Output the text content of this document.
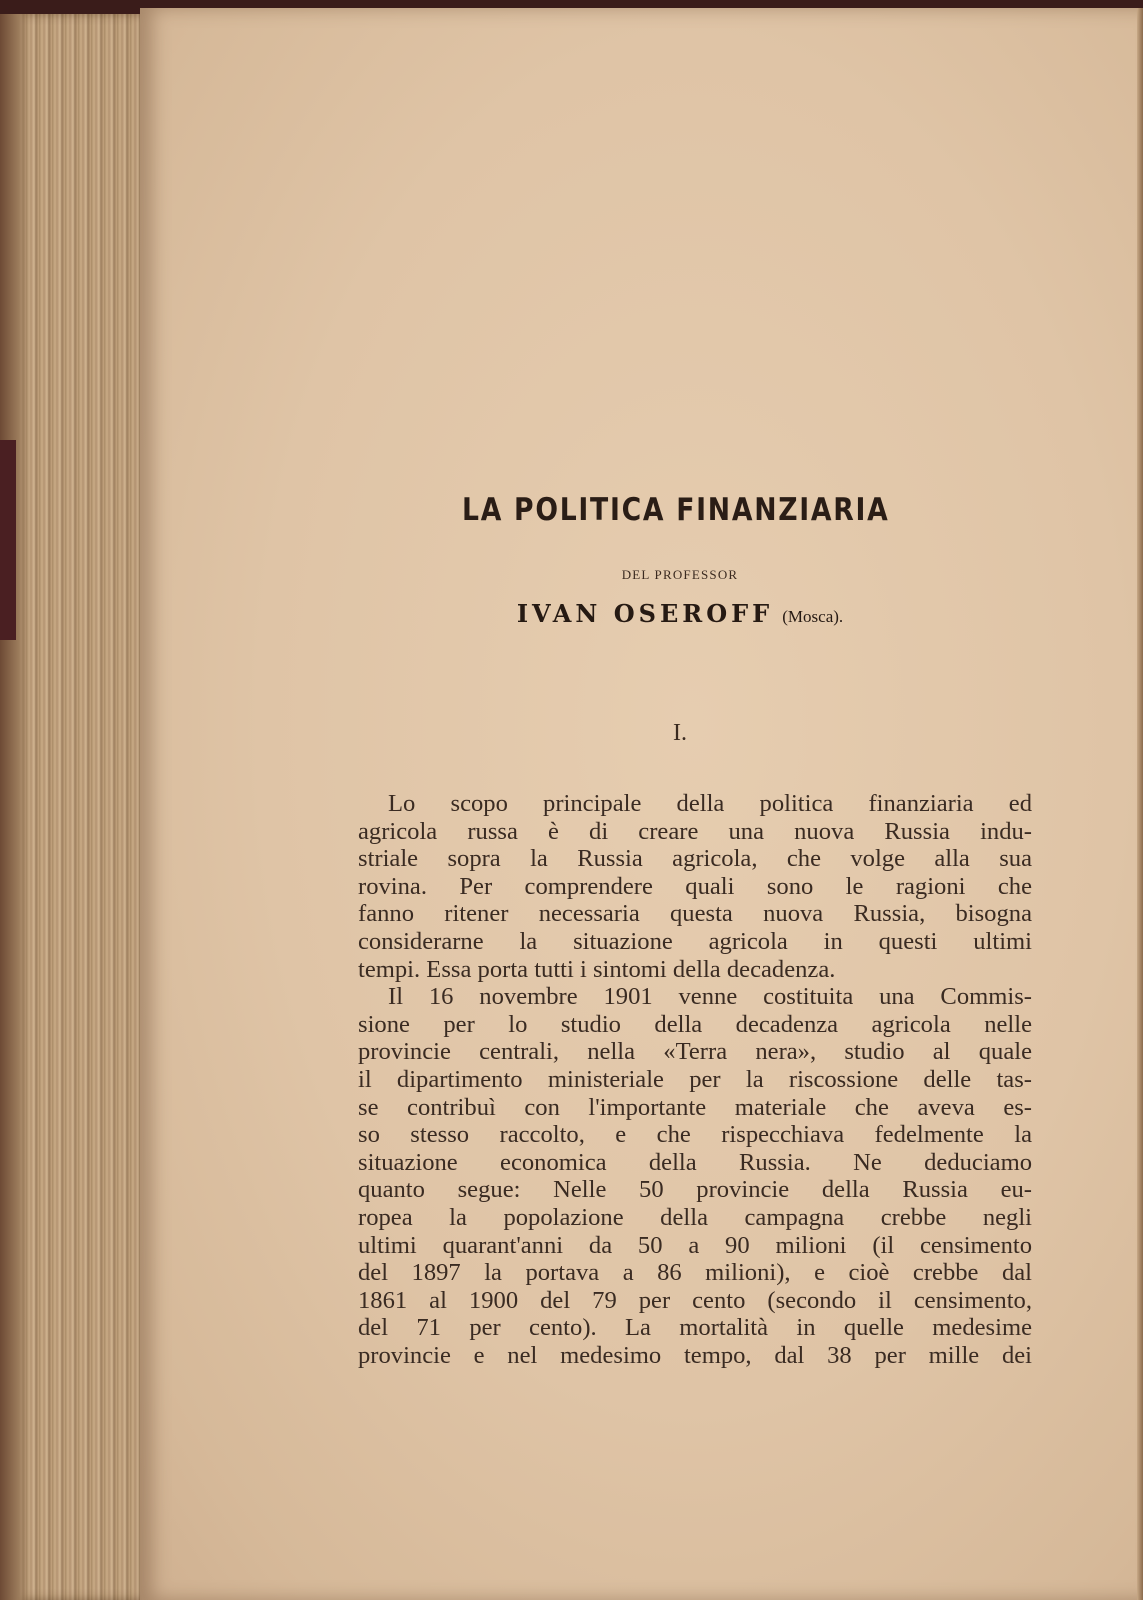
LA POLITICA FINANZIARIA
DEL PROFESSOR
IVAN OSEROFF (Mosca).
I.
Lo scopo principale della politica finanziaria ed
agricola russa è di creare una nuova Russia indu-
striale sopra la Russia agricola, che volge alla sua
rovina. Per comprendere quali sono le ragioni che
fanno ritener necessaria questa nuova Russia, bisogna
considerarne la situazione agricola in questi ultimi
tempi. Essa porta tutti i sintomi della decadenza.
Il 16 novembre 1901 venne costituita una Commis-
sione per lo studio della decadenza agricola nelle
provincie centrali, nella «Terra nera», studio al quale
il dipartimento ministeriale per la riscossione delle tas-
se contribuì con l'importante materiale che aveva es-
so stesso raccolto, e che rispecchiava fedelmente la
situazione economica della Russia. Ne deduciamo
quanto segue: Nelle 50 provincie della Russia eu-
ropea la popolazione della campagna crebbe negli
ultimi quarant'anni da 50 a 90 milioni (il censimento
del 1897 la portava a 86 milioni), e cioè crebbe dal
1861 al 1900 del 79 per cento (secondo il censimento,
del 71 per cento). La mortalità in quelle medesime
provincie e nel medesimo tempo, dal 38 per mille dei
